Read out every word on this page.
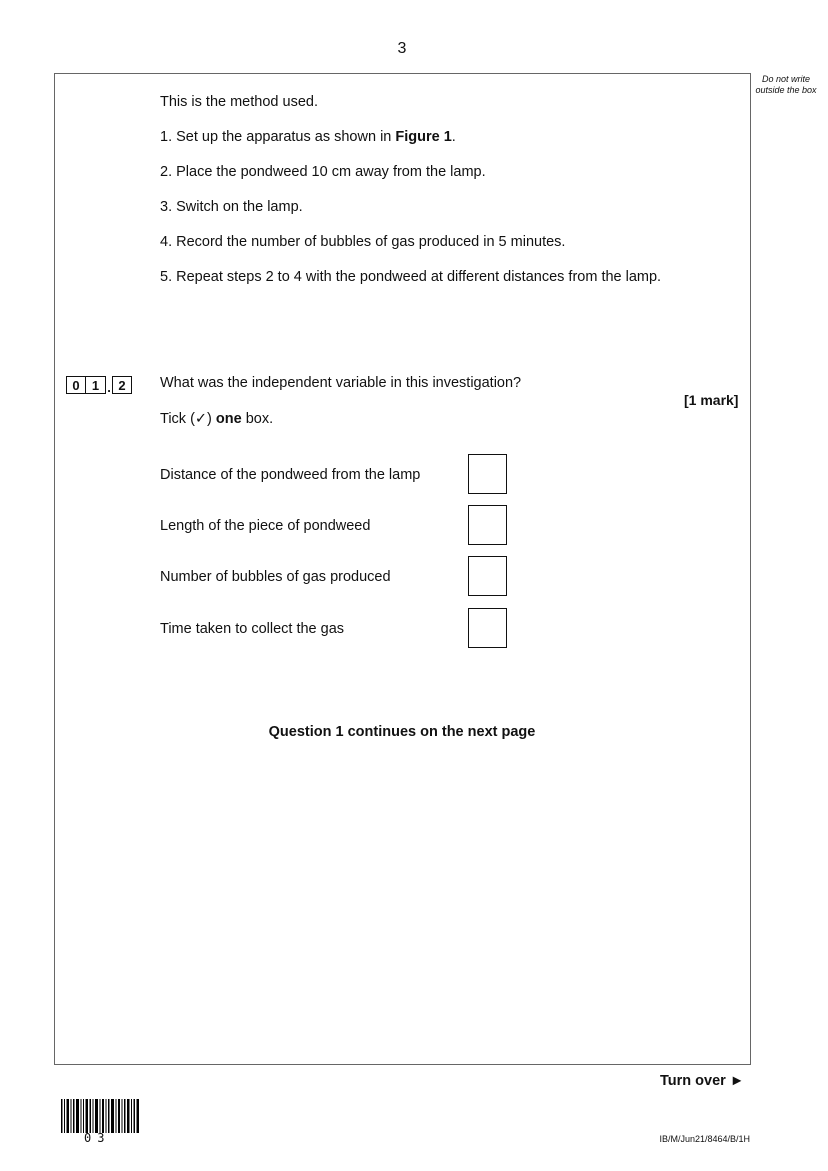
3
Do not write outside the box
This is the method used.
1. Set up the apparatus as shown in Figure 1.
2. Place the pondweed 10 cm away from the lamp.
3. Switch on the lamp.
4. Record the number of bubbles of gas produced in 5 minutes.
5. Repeat steps 2 to 4 with the pondweed at different distances from the lamp.
0 1 . 2	What was the independent variable in this investigation?
[1 mark]
Tick (✓) one box.
Distance of the pondweed from the lamp
Length of the piece of pondweed
Number of bubbles of gas produced
Time taken to collect the gas
Question 1 continues on the next page
Turn over ►
03	IB/M/Jun21/8464/B/1H
